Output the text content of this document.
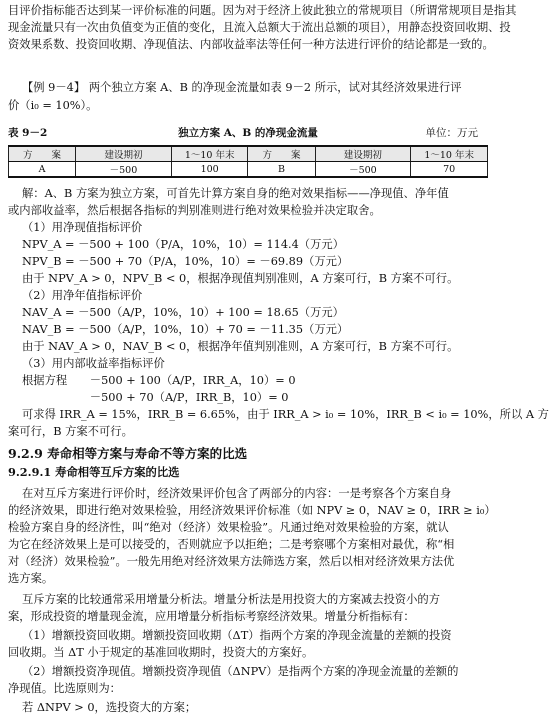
目评价指标能否达到某一评价标准的问题。因为对于经济上彼此独立的常规项目（所谓常规项目是指其
现金流量只有一次由负值变为正值的变化，且流入总额大于流出总额的项目），用静态投资回收期、投
资效果系数、投资回收期、净现值法、内部收益率法等任何一种方法进行评价的结论都是一致的。
【例 9－4】 两个独立方案 A、B 的净现金流量如表 9－2 所示，试对其经济效果进行评
价（i₀ = 10%）。
表 9－2	独立方案 A、B 的净现金流量	单位：万元
方　　案	建设期初	1～10 年末	方　　案	建设期初	1～10 年末
A	－500	100	B	－500	70
解：A、B 方案为独立方案，可首先计算方案自身的绝对效果指标——净现值、净年值
或内部收益率，然后根据各指标的判别准则进行绝对效果检验并决定取舍。
（1）用净现值指标评价
NPV_A = －500 + 100（P/A，10%，10）= 114.4（万元）
NPV_B = －500 + 70（P/A，10%，10）= －69.89（万元）
由于 NPV_A > 0，NPV_B < 0，根据净现值判别准则，A 方案可行，B 方案不可行。
（2）用净年值指标评价
NAV_A = －500（A/P，10%，10）+ 100 = 18.65（万元）
NAV_B = －500（A/P，10%，10）+ 70 = －11.35（万元）
由于 NAV_A > 0，NAV_B < 0，根据净年值判别准则，A 方案可行，B 方案不可行。
（3）用内部收益率指标评价
根据方程　　－500 + 100（A/P，IRR_A，10）= 0
　　　　　　－500 + 70（A/P，IRR_B，10）= 0
可求得 IRR_A = 15%，IRR_B = 6.65%，由于 IRR_A > i₀ = 10%，IRR_B < i₀ = 10%，所以 A 方
案可行，B 方案不可行。
9.2.9 寿命相等方案与寿命不等方案的比选
9.2.9.1 寿命相等互斥方案的比选
在对互斥方案进行评价时，经济效果评价包含了两部分的内容：一是考察各个方案自身
的经济效果，即进行绝对效果检验，用经济效果评价标准（如 NPV ≥ 0，NAV ≥ 0，IRR ≥ i₀）
检验方案自身的经济性，叫“绝对（经济）效果检验”。凡通过绝对效果检验的方案，就认
为它在经济效果上是可以接受的，否则就应予以拒绝；二是考察哪个方案相对最优，称“相
对（经济）效果检验”。一般先用绝对经济效果方法筛选方案，然后以相对经济效果方法优
选方案。
互斥方案的比较通常采用增量分析法。增量分析法是用投资大的方案减去投资小的方
案，形成投资的增量现金流，应用增量分析指标考察经济效果。增量分析指标有：
（1）增额投资回收期。增额投资回收期（ΔT）指两个方案的净现金流量的差额的投资
回收期。当 ΔT 小于规定的基准回收期时，投资大的方案好。
（2）增额投资净现值。增额投资净现值（ΔNPV）是指两个方案的净现金流量的差额的
净现值。比选原则为：
若 ΔNPV > 0，选投资大的方案；
